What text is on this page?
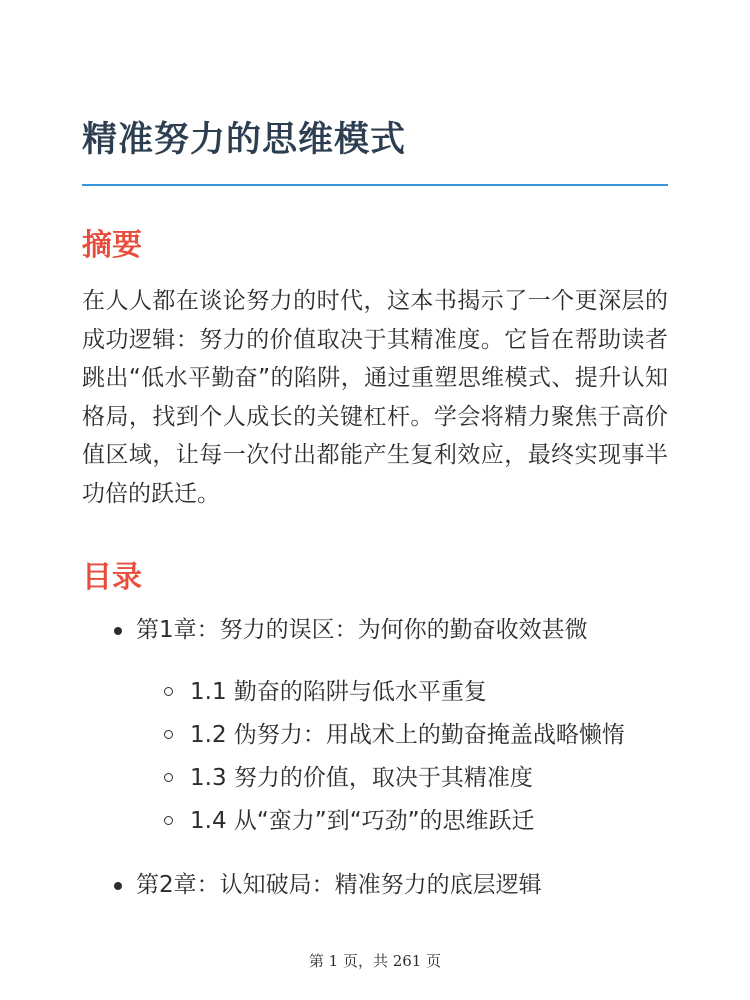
精准努力的思维模式
摘要

在人人都在谈论努力的时代，这本书揭示了一个更深层的成功逻辑：努力的价值取决于其精准度。它旨在帮助读者跳出“低水平勤奋”的陷阱，通过重塑思维模式、提升认知格局，找到个人成长的关键杠杆。学会将精力聚焦于高价值区域，让每一次付出都能产生复利效应，最终实现事半功倍的跃迁。

目录
第1章：努力的误区：为何你的勤奋收效甚微
1.1 勤奋的陷阱与低水平重复
1.2 伪努力：用战术上的勤奋掩盖战略懒惰
1.3 努力的价值，取决于其精准度
1.4 从“蛮力”到“巧劲”的思维跃迁
第2章：认知破局：精准努力的底层逻辑
第 1 页，共 261 页
